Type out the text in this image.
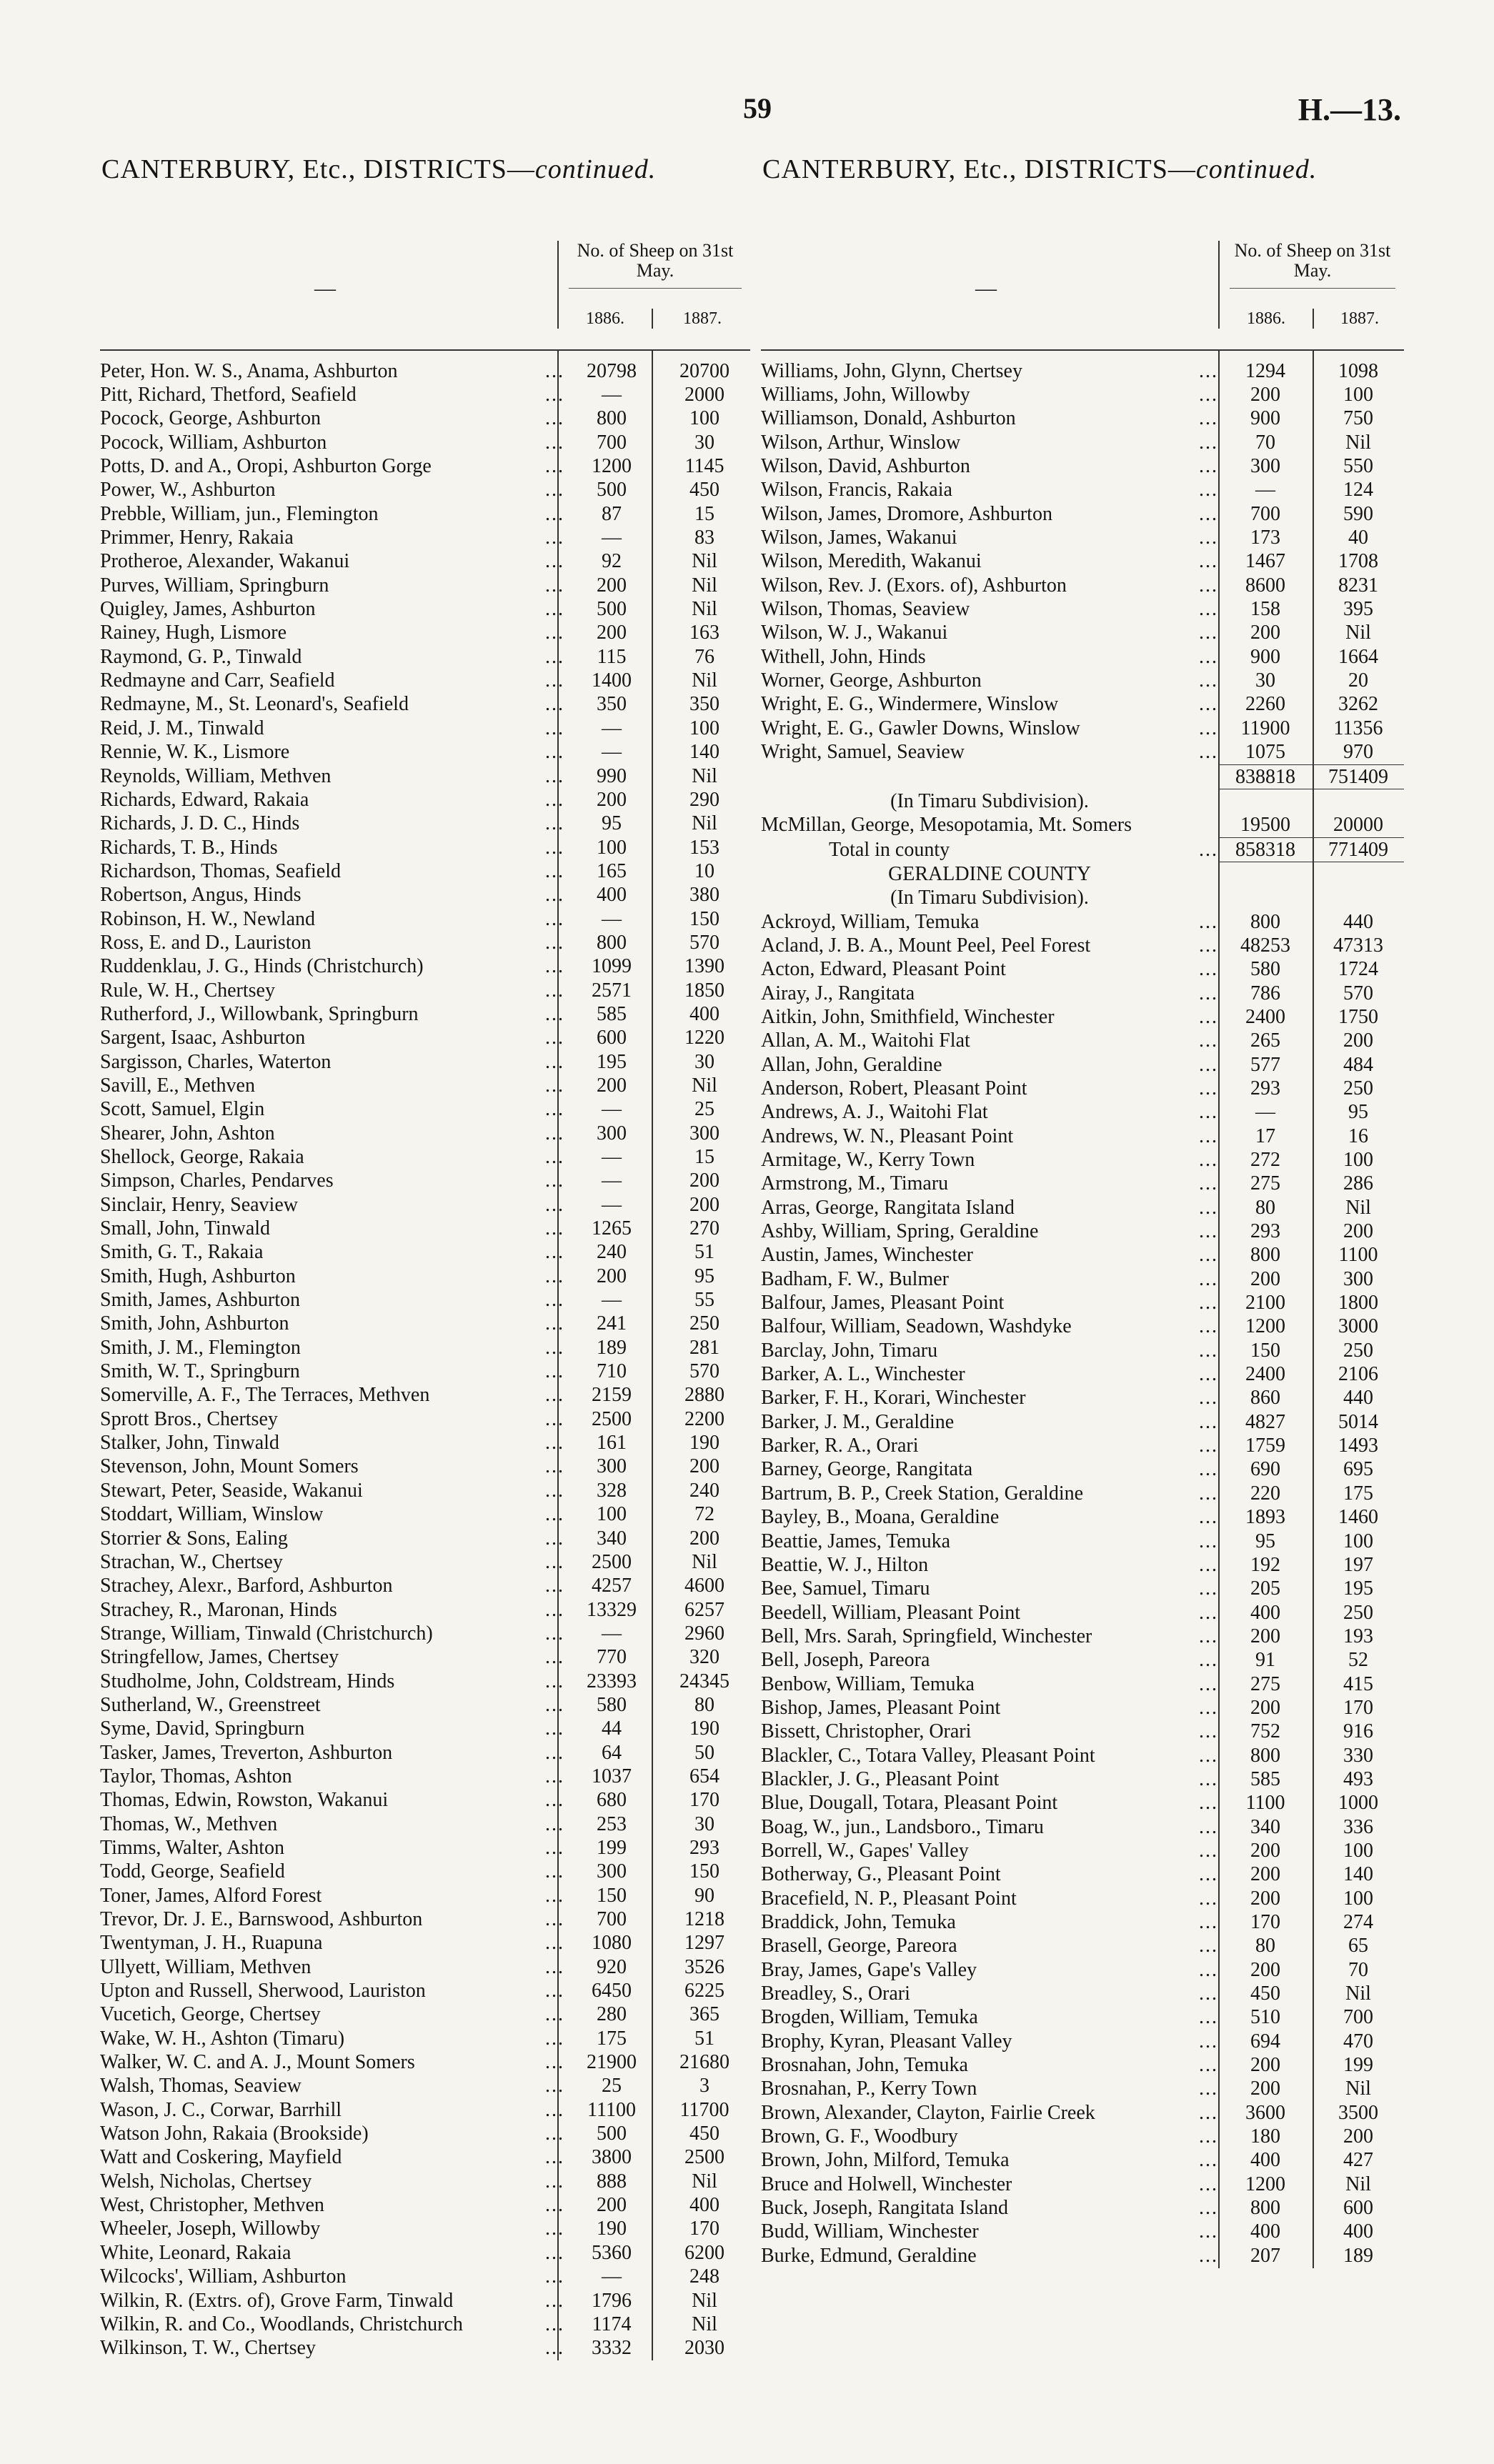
59	H.—13.
CANTERBURY, Etc., DISTRICTS—continued.
—
No. of Sheep on 31st May.
1886.	1887.
Peter, Hon. W. S., Anama, Ashburton	...	20798	20700
Pitt, Richard, Thetford, Seafield	...	—	2000
Pocock, George, Ashburton	...	800	100
Pocock, William, Ashburton	...	700	30
Potts, D. and A., Oropi, Ashburton Gorge	...	1200	1145
Power, W., Ashburton	...	500	450
Prebble, William, jun., Flemington	...	87	15
Primmer, Henry, Rakaia	...	—	83
Protheroe, Alexander, Wakanui	...	92	Nil
Purves, William, Springburn	...	200	Nil
Quigley, James, Ashburton	...	500	Nil
Rainey, Hugh, Lismore	...	200	163
Raymond, G. P., Tinwald	...	115	76
Redmayne and Carr, Seafield	...	1400	Nil
Redmayne, M., St. Leonard's, Seafield	...	350	350
Reid, J. M., Tinwald	...	—	100
Rennie, W. K., Lismore	...	—	140
Reynolds, William, Methven	...	990	Nil
Richards, Edward, Rakaia	...	200	290
Richards, J. D. C., Hinds	...	95	Nil
Richards, T. B., Hinds	...	100	153
Richardson, Thomas, Seafield	...	165	10
Robertson, Angus, Hinds	...	400	380
Robinson, H. W., Newland	...	—	150
Ross, E. and D., Lauriston	...	800	570
Ruddenklau, J. G., Hinds (Christchurch)	...	1099	1390
Rule, W. H., Chertsey	...	2571	1850
Rutherford, J., Willowbank, Springburn	...	585	400
Sargent, Isaac, Ashburton	...	600	1220
Sargisson, Charles, Waterton	...	195	30
Savill, E., Methven	...	200	Nil
Scott, Samuel, Elgin	...	—	25
Shearer, John, Ashton	...	300	300
Shellock, George, Rakaia	...	—	15
Simpson, Charles, Pendarves	...	—	200
Sinclair, Henry, Seaview	...	—	200
Small, John, Tinwald	...	1265	270
Smith, G. T., Rakaia	...	240	51
Smith, Hugh, Ashburton	...	200	95
Smith, James, Ashburton	...	—	55
Smith, John, Ashburton	...	241	250
Smith, J. M., Flemington	...	189	281
Smith, W. T., Springburn	...	710	570
Somerville, A. F., The Terraces, Methven	...	2159	2880
Sprott Bros., Chertsey	...	2500	2200
Stalker, John, Tinwald	...	161	190
Stevenson, John, Mount Somers	...	300	200
Stewart, Peter, Seaside, Wakanui	...	328	240
Stoddart, William, Winslow	...	100	72
Storrier & Sons, Ealing	...	340	200
Strachan, W., Chertsey	...	2500	Nil
Strachey, Alexr., Barford, Ashburton	...	4257	4600
Strachey, R., Maronan, Hinds	...	13329	6257
Strange, William, Tinwald (Christchurch)	...	—	2960
Stringfellow, James, Chertsey	...	770	320
Studholme, John, Coldstream, Hinds	...	23393	24345
Sutherland, W., Greenstreet	...	580	80
Syme, David, Springburn	...	44	190
Tasker, James, Treverton, Ashburton	...	64	50
Taylor, Thomas, Ashton	...	1037	654
Thomas, Edwin, Rowston, Wakanui	...	680	170
Thomas, W., Methven	...	253	30
Timms, Walter, Ashton	...	199	293
Todd, George, Seafield	...	300	150
Toner, James, Alford Forest	...	150	90
Trevor, Dr. J. E., Barnswood, Ashburton	...	700	1218
Twentyman, J. H., Ruapuna	...	1080	1297
Ullyett, William, Methven	...	920	3526
Upton and Russell, Sherwood, Lauriston	...	6450	6225
Vucetich, George, Chertsey	...	280	365
Wake, W. H., Ashton (Timaru)	...	175	51
Walker, W. C. and A. J., Mount Somers	...	21900	21680
Walsh, Thomas, Seaview	...	25	3
Wason, J. C., Corwar, Barrhill	...	11100	11700
Watson John, Rakaia (Brookside)	...	500	450
Watt and Coskering, Mayfield	...	3800	2500
Welsh, Nicholas, Chertsey	...	888	Nil
West, Christopher, Methven	...	200	400
Wheeler, Joseph, Willowby	...	190	170
White, Leonard, Rakaia	...	5360	6200
Wilcocks', William, Ashburton	...	—	248
Wilkin, R. (Extrs. of), Grove Farm, Tinwald	...	1796	Nil
Wilkin, R. and Co., Woodlands, Christchurch	...	1174	Nil
Wilkinson, T. W., Chertsey	...	3332	2030
CANTERBURY, Etc., DISTRICTS—continued.
—
No. of Sheep on 31st May.
1886.	1887.
Williams, John, Glynn, Chertsey	...	1294	1098
Williams, John, Willowby	...	200	100
Williamson, Donald, Ashburton	...	900	750
Wilson, Arthur, Winslow	...	70	Nil
Wilson, David, Ashburton	...	300	550
Wilson, Francis, Rakaia	...	—	124
Wilson, James, Dromore, Ashburton	...	700	590
Wilson, James, Wakanui	...	173	40
Wilson, Meredith, Wakanui	...	1467	1708
Wilson, Rev. J. (Exors. of), Ashburton	...	8600	8231
Wilson, Thomas, Seaview	...	158	395
Wilson, W. J., Wakanui	...	200	Nil
Withell, John, Hinds	...	900	1664
Worner, George, Ashburton	...	30	20
Wright, E. G., Windermere, Winslow	...	2260	3262
Wright, E. G., Gawler Downs, Winslow	...	11900	11356
Wright, Samuel, Seaview	...	1075	970
838818	751409
(In Timaru Subdivision).
McMillan, George, Mesopotamia, Mt. Somers	19500	20000
Total in county	... 858318	771409
GERALDINE COUNTY
(In Timaru Subdivision).
Ackroyd, William, Temuka	...	800	440
Acland, J. B. A., Mount Peel, Peel Forest	...	48253	47313
Acton, Edward, Pleasant Point	...	580	1724
Airay, J., Rangitata	...	786	570
Aitkin, John, Smithfield, Winchester	...	2400	1750
Allan, A. M., Waitohi Flat	...	265	200
Allan, John, Geraldine	...	577	484
Anderson, Robert, Pleasant Point	...	293	250
Andrews, A. J., Waitohi Flat	...	—	95
Andrews, W. N., Pleasant Point	...	17	16
Armitage, W., Kerry Town	...	272	100
Armstrong, M., Timaru	...	275	286
Arras, George, Rangitata Island	...	80	Nil
Ashby, William, Spring, Geraldine	...	293	200
Austin, James, Winchester	...	800	1100
Badham, F. W., Bulmer	...	200	300
Balfour, James, Pleasant Point	...	2100	1800
Balfour, William, Seadown, Washdyke	...	1200	3000
Barclay, John, Timaru	...	150	250
Barker, A. L., Winchester	...	2400	2106
Barker, F. H., Korari, Winchester	...	860	440
Barker, J. M., Geraldine	...	4827	5014
Barker, R. A., Orari	...	1759	1493
Barney, George, Rangitata	...	690	695
Bartrum, B. P., Creek Station, Geraldine	...	220	175
Bayley, B., Moana, Geraldine	...	1893	1460
Beattie, James, Temuka	...	95	100
Beattie, W. J., Hilton	...	192	197
Bee, Samuel, Timaru	...	205	195
Beedell, William, Pleasant Point	...	400	250
Bell, Mrs. Sarah, Springfield, Winchester	...	200	193
Bell, Joseph, Pareora	...	91	52
Benbow, William, Temuka	...	275	415
Bishop, James, Pleasant Point	...	200	170
Bissett, Christopher, Orari	...	752	916
Blackler, C., Totara Valley, Pleasant Point	...	800	330
Blackler, J. G., Pleasant Point	...	585	493
Blue, Dougall, Totara, Pleasant Point	...	1100	1000
Boag, W., jun., Landsboro., Timaru	...	340	336
Borrell, W., Gapes' Valley	...	200	100
Botherway, G., Pleasant Point	...	200	140
Bracefield, N. P., Pleasant Point	...	200	100
Braddick, John, Temuka	...	170	274
Brasell, George, Pareora	...	80	65
Bray, James, Gape's Valley	...	200	70
Breadley, S., Orari	...	450	Nil
Brogden, William, Temuka	...	510	700
Brophy, Kyran, Pleasant Valley	...	694	470
Brosnahan, John, Temuka	...	200	199
Brosnahan, P., Kerry Town	...	200	Nil
Brown, Alexander, Clayton, Fairlie Creek	...	3600	3500
Brown, G. F., Woodbury	...	180	200
Brown, John, Milford, Temuka	...	400	427
Bruce and Holwell, Winchester	...	1200	Nil
Buck, Joseph, Rangitata Island	...	800	600
Budd, William, Winchester	...	400	400
Burke, Edmund, Geraldine	...	207	189
